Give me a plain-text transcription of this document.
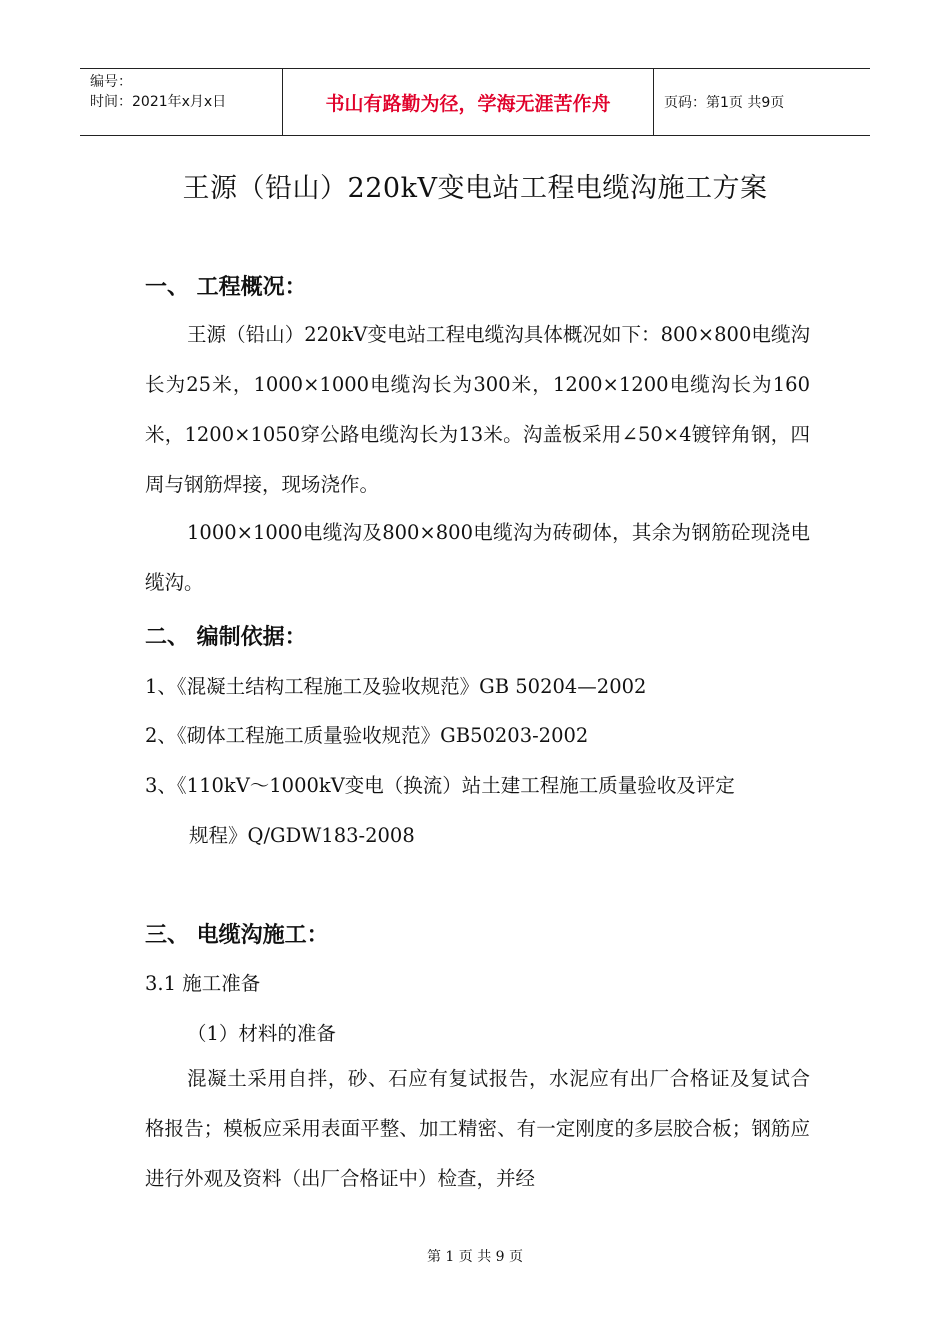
编号：
时间：2021年x月x日	书山有路勤为径，学海无涯苦作舟	页码：第1页 共9页
王源（铅山）220kV变电站工程电缆沟施工方案
一、 工程概况：
王源（铅山）220kV变电站工程电缆沟具体概况如下：800×800电缆沟长为25米，1000×1000电缆沟长为300米，1200×1200电缆沟长为160米，1200×1050穿公路电缆沟长为13米。沟盖板采用∠50×4镀锌角钢，四周与钢筋焊接，现场浇作。
1000×1000电缆沟及800×800电缆沟为砖砌体，其余为钢筋砼现浇电缆沟。
二、 编制依据：
1、《混凝土结构工程施工及验收规范》GB 50204—2002
2、《砌体工程施工质量验收规范》GB50203-2002
3、《110kV～1000kV变电（换流）站土建工程施工质量验收及评定
规程》Q/GDW183-2008
三、 电缆沟施工：
3.1 施工准备
（1）材料的准备
混凝土采用自拌，砂、石应有复试报告，水泥应有出厂合格证及复试合格报告；模板应采用表面平整、加工精密、有一定刚度的多层胶合板；钢筋应进行外观及资料（出厂合格证中）检查，并经
第 1 页 共 9 页
